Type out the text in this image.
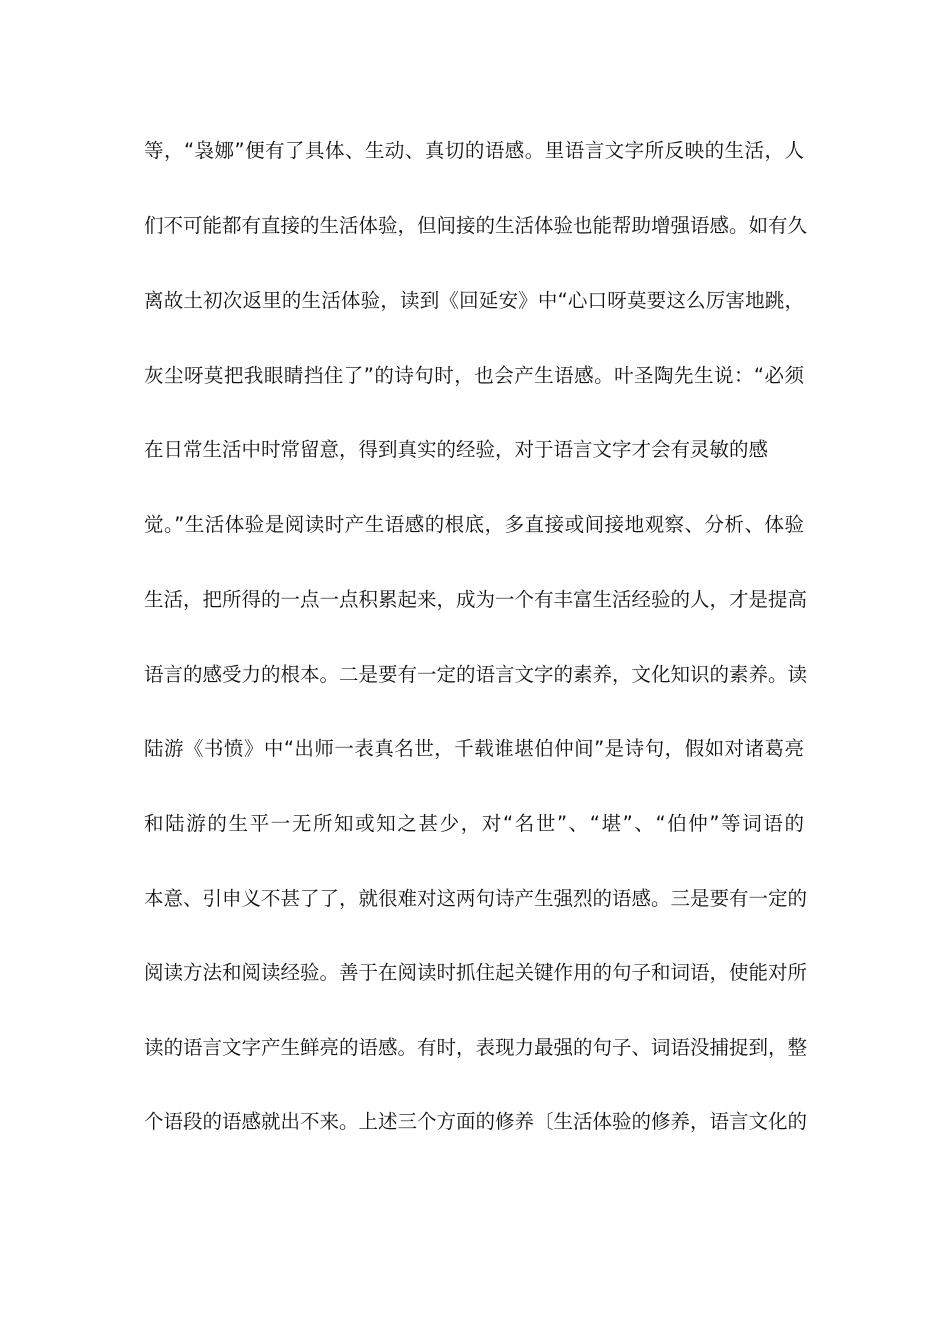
等，“袅娜”便有了具体、生动、真切的语感。里语言文字所反映的生活，人
们不可能都有直接的生活体验，但间接的生活体验也能帮助增强语感。如有久
离故土初次返里的生活体验，读到《回延安》中“心口呀莫要这么厉害地跳，
灰尘呀莫把我眼睛挡住了”的诗句时，也会产生语感。叶圣陶先生说：“必须
在日常生活中时常留意，得到真实的经验，对于语言文字才会有灵敏的感
觉。”生活体验是阅读时产生语感的根底，多直接或间接地观察、分析、体验
生活，把所得的一点一点积累起来，成为一个有丰富生活经验的人，才是提高
语言的感受力的根本。二是要有一定的语言文字的素养，文化知识的素养。读
陆游《书愤》中“出师一表真名世，千载谁堪伯仲间”是诗句，假如对诸葛亮
和陆游的生平一无所知或知之甚少，对“名世”、“堪”、“伯仲”等词语的
本意、引申义不甚了了，就很难对这两句诗产生强烈的语感。三是要有一定的
阅读方法和阅读经验。善于在阅读时抓住起关键作用的句子和词语，使能对所
读的语言文字产生鲜亮的语感。有时，表现力最强的句子、词语没捕捉到，整
个语段的语感就出不来。上述三个方面的修养〔生活体验的修养，语言文化的
